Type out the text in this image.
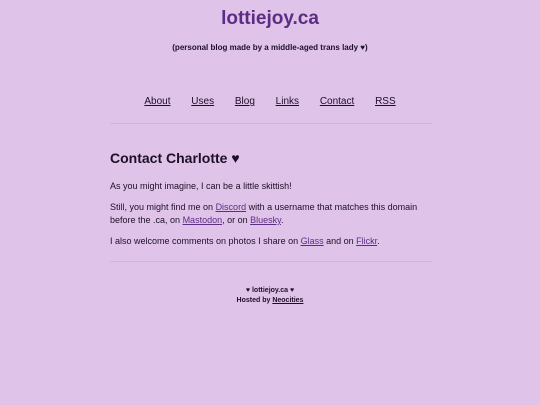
lottiejoy.ca

(personal blog made by a middle-aged trans lady ♥)

About Uses Blog Links Contact RSS
Contact Charlotte ♥

As you might imagine, I can be a little skittish!

Still, you might find me on Discord with a username that matches this domain before the .ca, on Mastodon, or on Bluesky.

I also welcome comments on photos I share on Glass and on Flickr.

♥ lottiejoy.ca ♥
Hosted by Neocities
